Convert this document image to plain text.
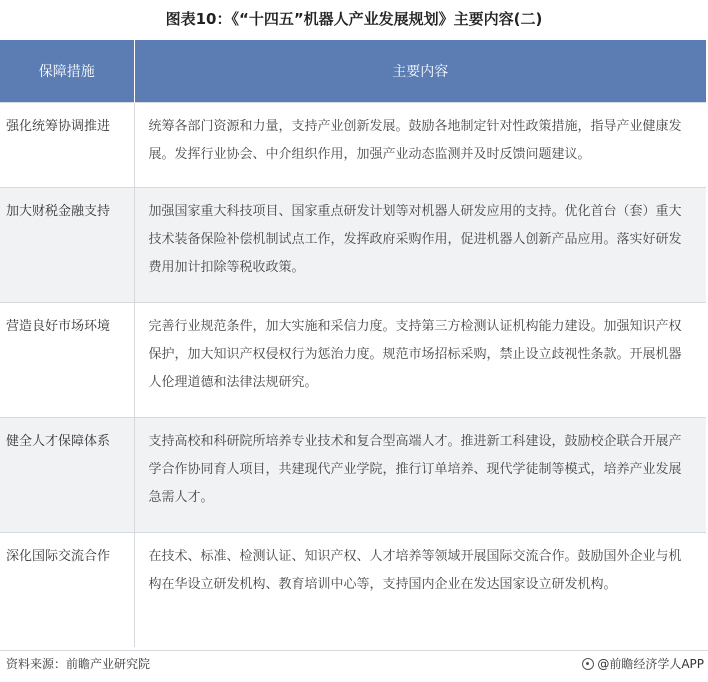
图表10：《“十四五”机器人产业发展规划》主要内容(二)
保障措施	主要内容
强化统筹协调推进	统筹各部门资源和力量，支持产业创新发展。鼓励各地制定针对性政策措施，指导产业健康发展。发挥行业协会、中介组织作用，加强产业动态监测并及时反馈问题建议。
加大财税金融支持	加强国家重大科技项目、国家重点研发计划等对机器人研发应用的支持。优化首台（套）重大技术装备保险补偿机制试点工作，发挥政府采购作用，促进机器人创新产品应用。落实好研发费用加计扣除等税收政策。
营造良好市场环境	完善行业规范条件，加大实施和采信力度。支持第三方检测认证机构能力建设。加强知识产权保护，加大知识产权侵权行为惩治力度。规范市场招标采购，禁止设立歧视性条款。开展机器人伦理道德和法律法规研究。
健全人才保障体系	支持高校和科研院所培养专业技术和复合型高端人才。推进新工科建设，鼓励校企联合开展产学合作协同育人项目，共建现代产业学院，推行订单培养、现代学徒制等模式，培养产业发展急需人才。
深化国际交流合作	在技术、标准、检测认证、知识产权、人才培养等领域开展国际交流合作。鼓励国外企业与机构在华设立研发机构、教育培训中心等，支持国内企业在发达国家设立研发机构。
资料来源：前瞻产业研究院	@前瞻经济学人APP
